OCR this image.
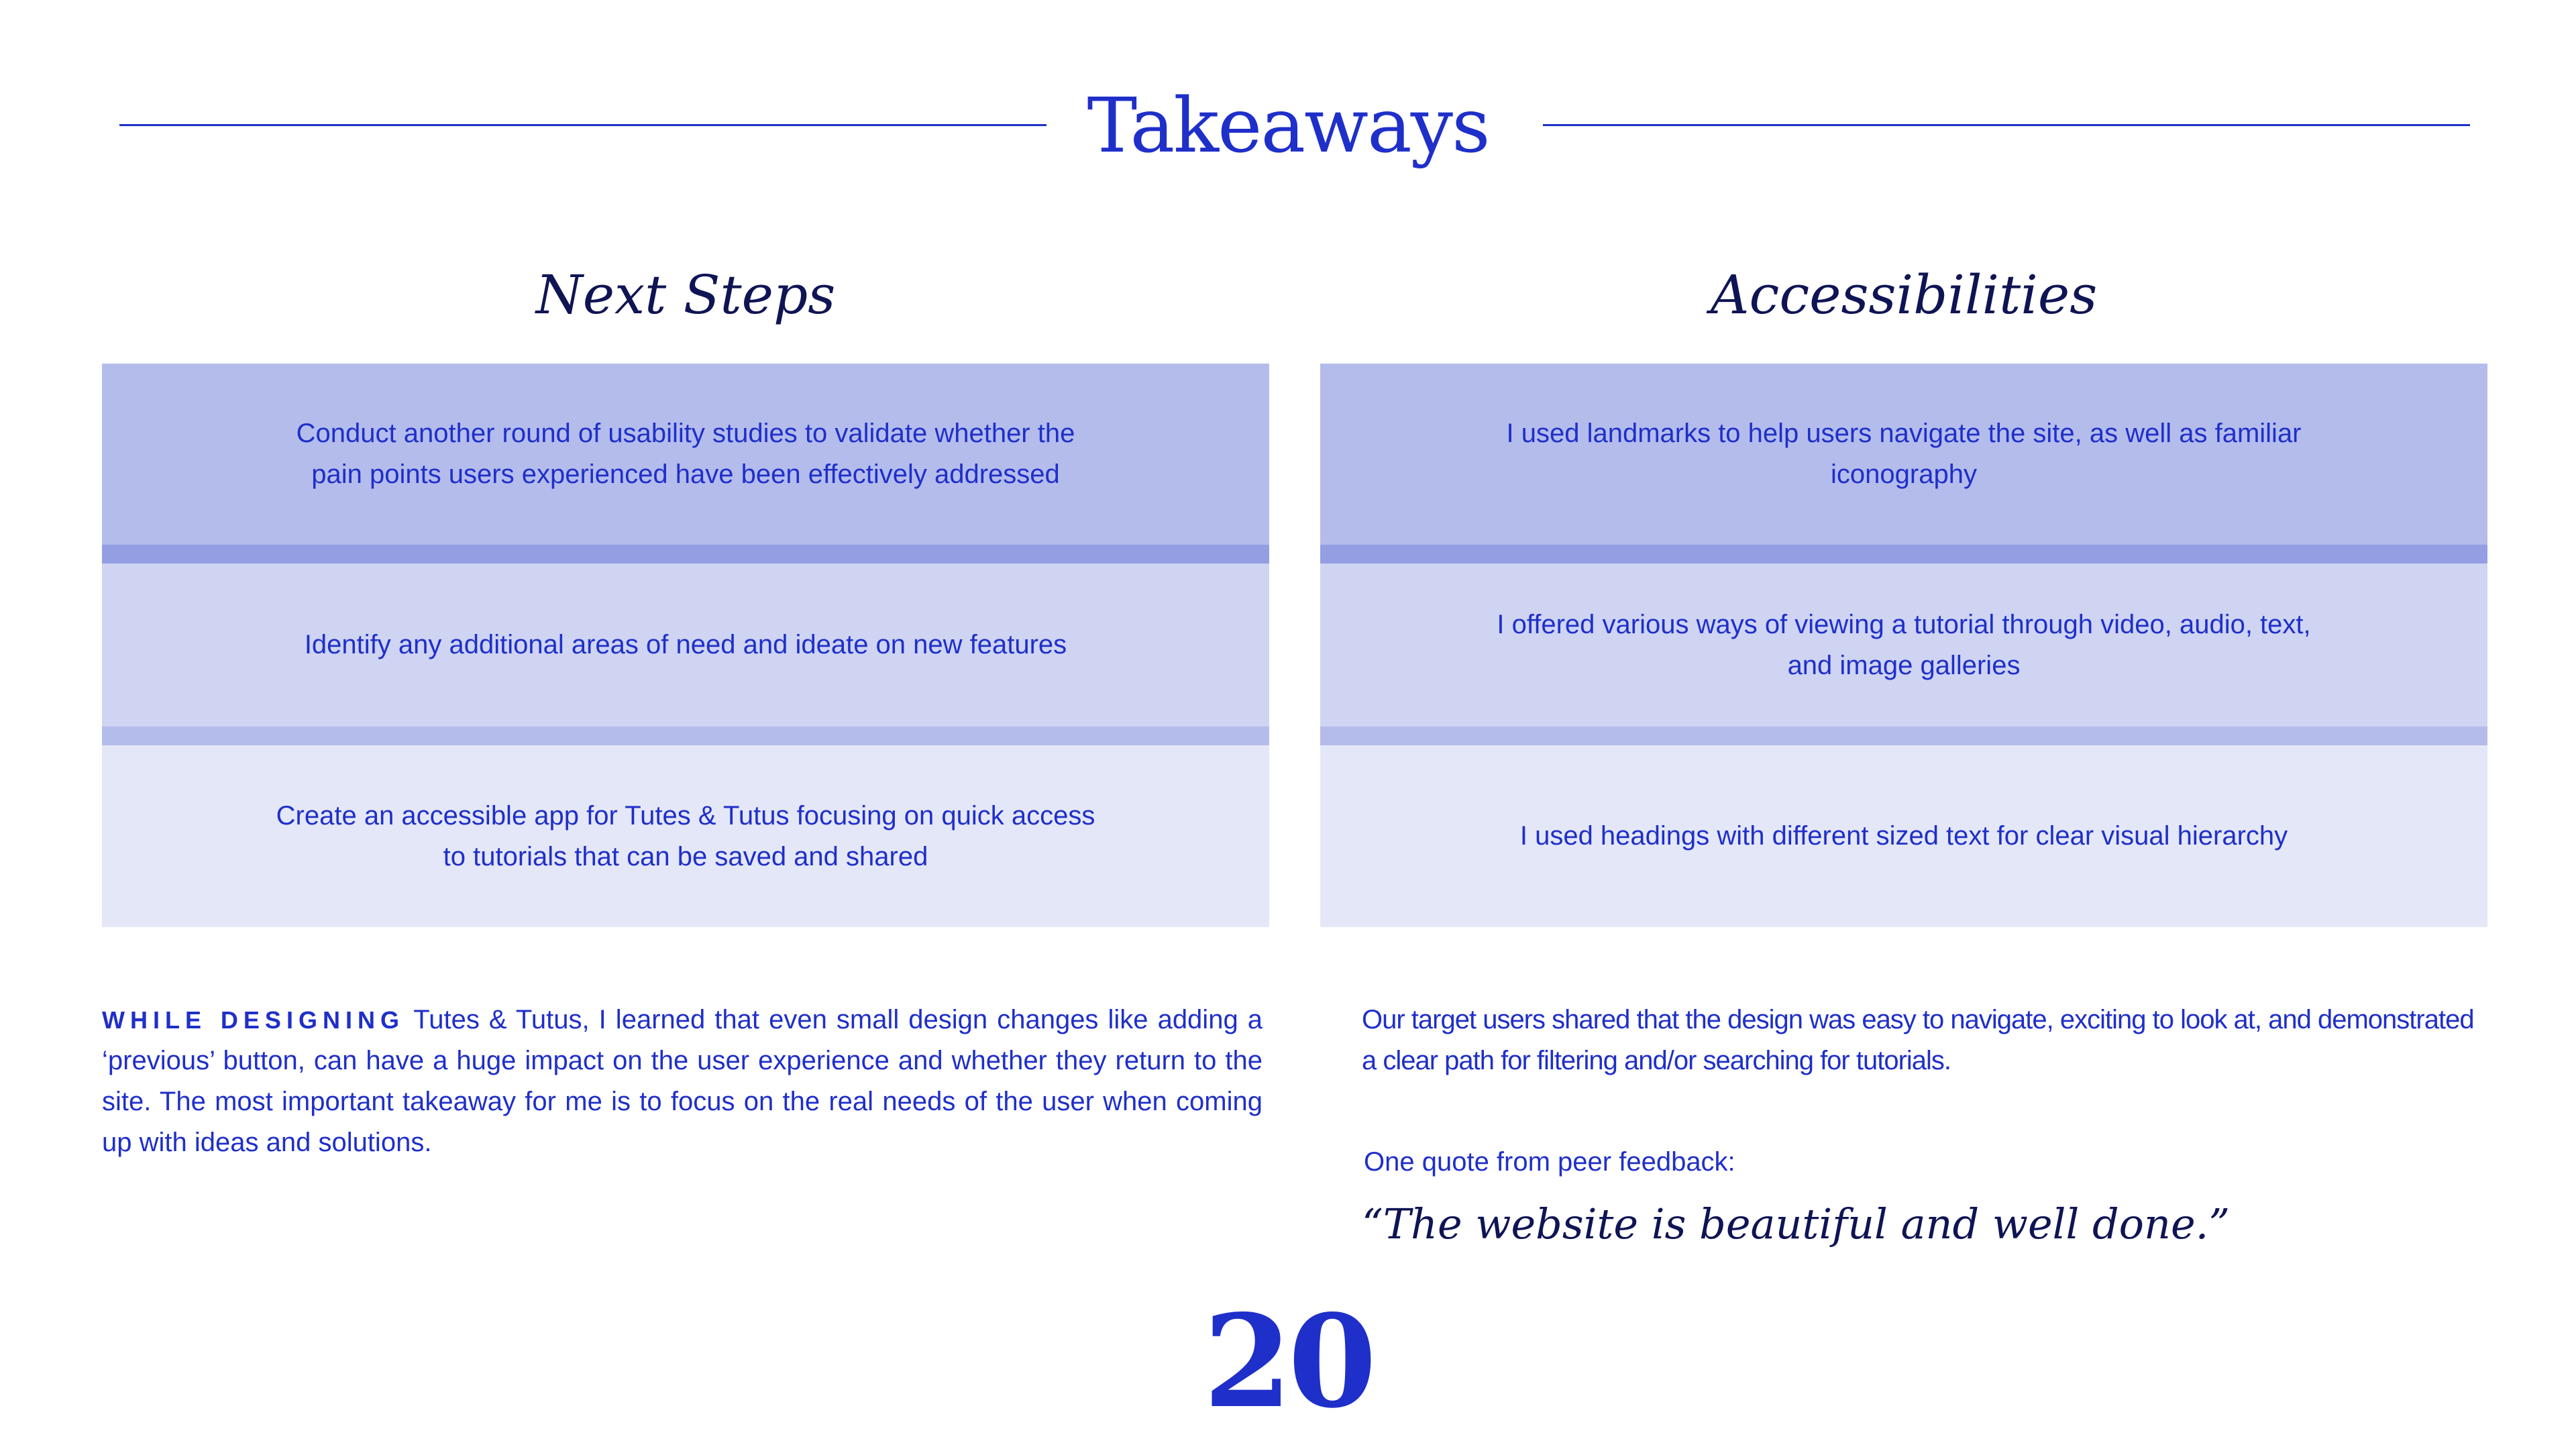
Takeaways
Next Steps	Accessibilities
Conduct another round of usability studies to validate whether the pain points users experienced have been effectively addressed
Identify any additional areas of need and ideate on new features
Create an accessible app for Tutes & Tutus focusing on quick access to tutorials that can be saved and shared
I used landmarks to help users navigate the site, as well as familiar iconography
I offered various ways of viewing a tutorial through video, audio, text, and image galleries
I used headings with different sized text for clear visual hierarchy
WHILE DESIGNING Tutes & Tutus, I learned that even small design changes like adding a ‘previous’ button, can have a huge impact on the user experience and whether they return to the site. The most important takeaway for me is to focus on the real needs of the user when coming up with ideas and solutions.
Our target users shared that the design was easy to navigate, exciting to look at, and demonstrated a clear path for filtering and/or searching for tutorials.
One quote from peer feedback:
“The website is beautiful and well done.”
20
